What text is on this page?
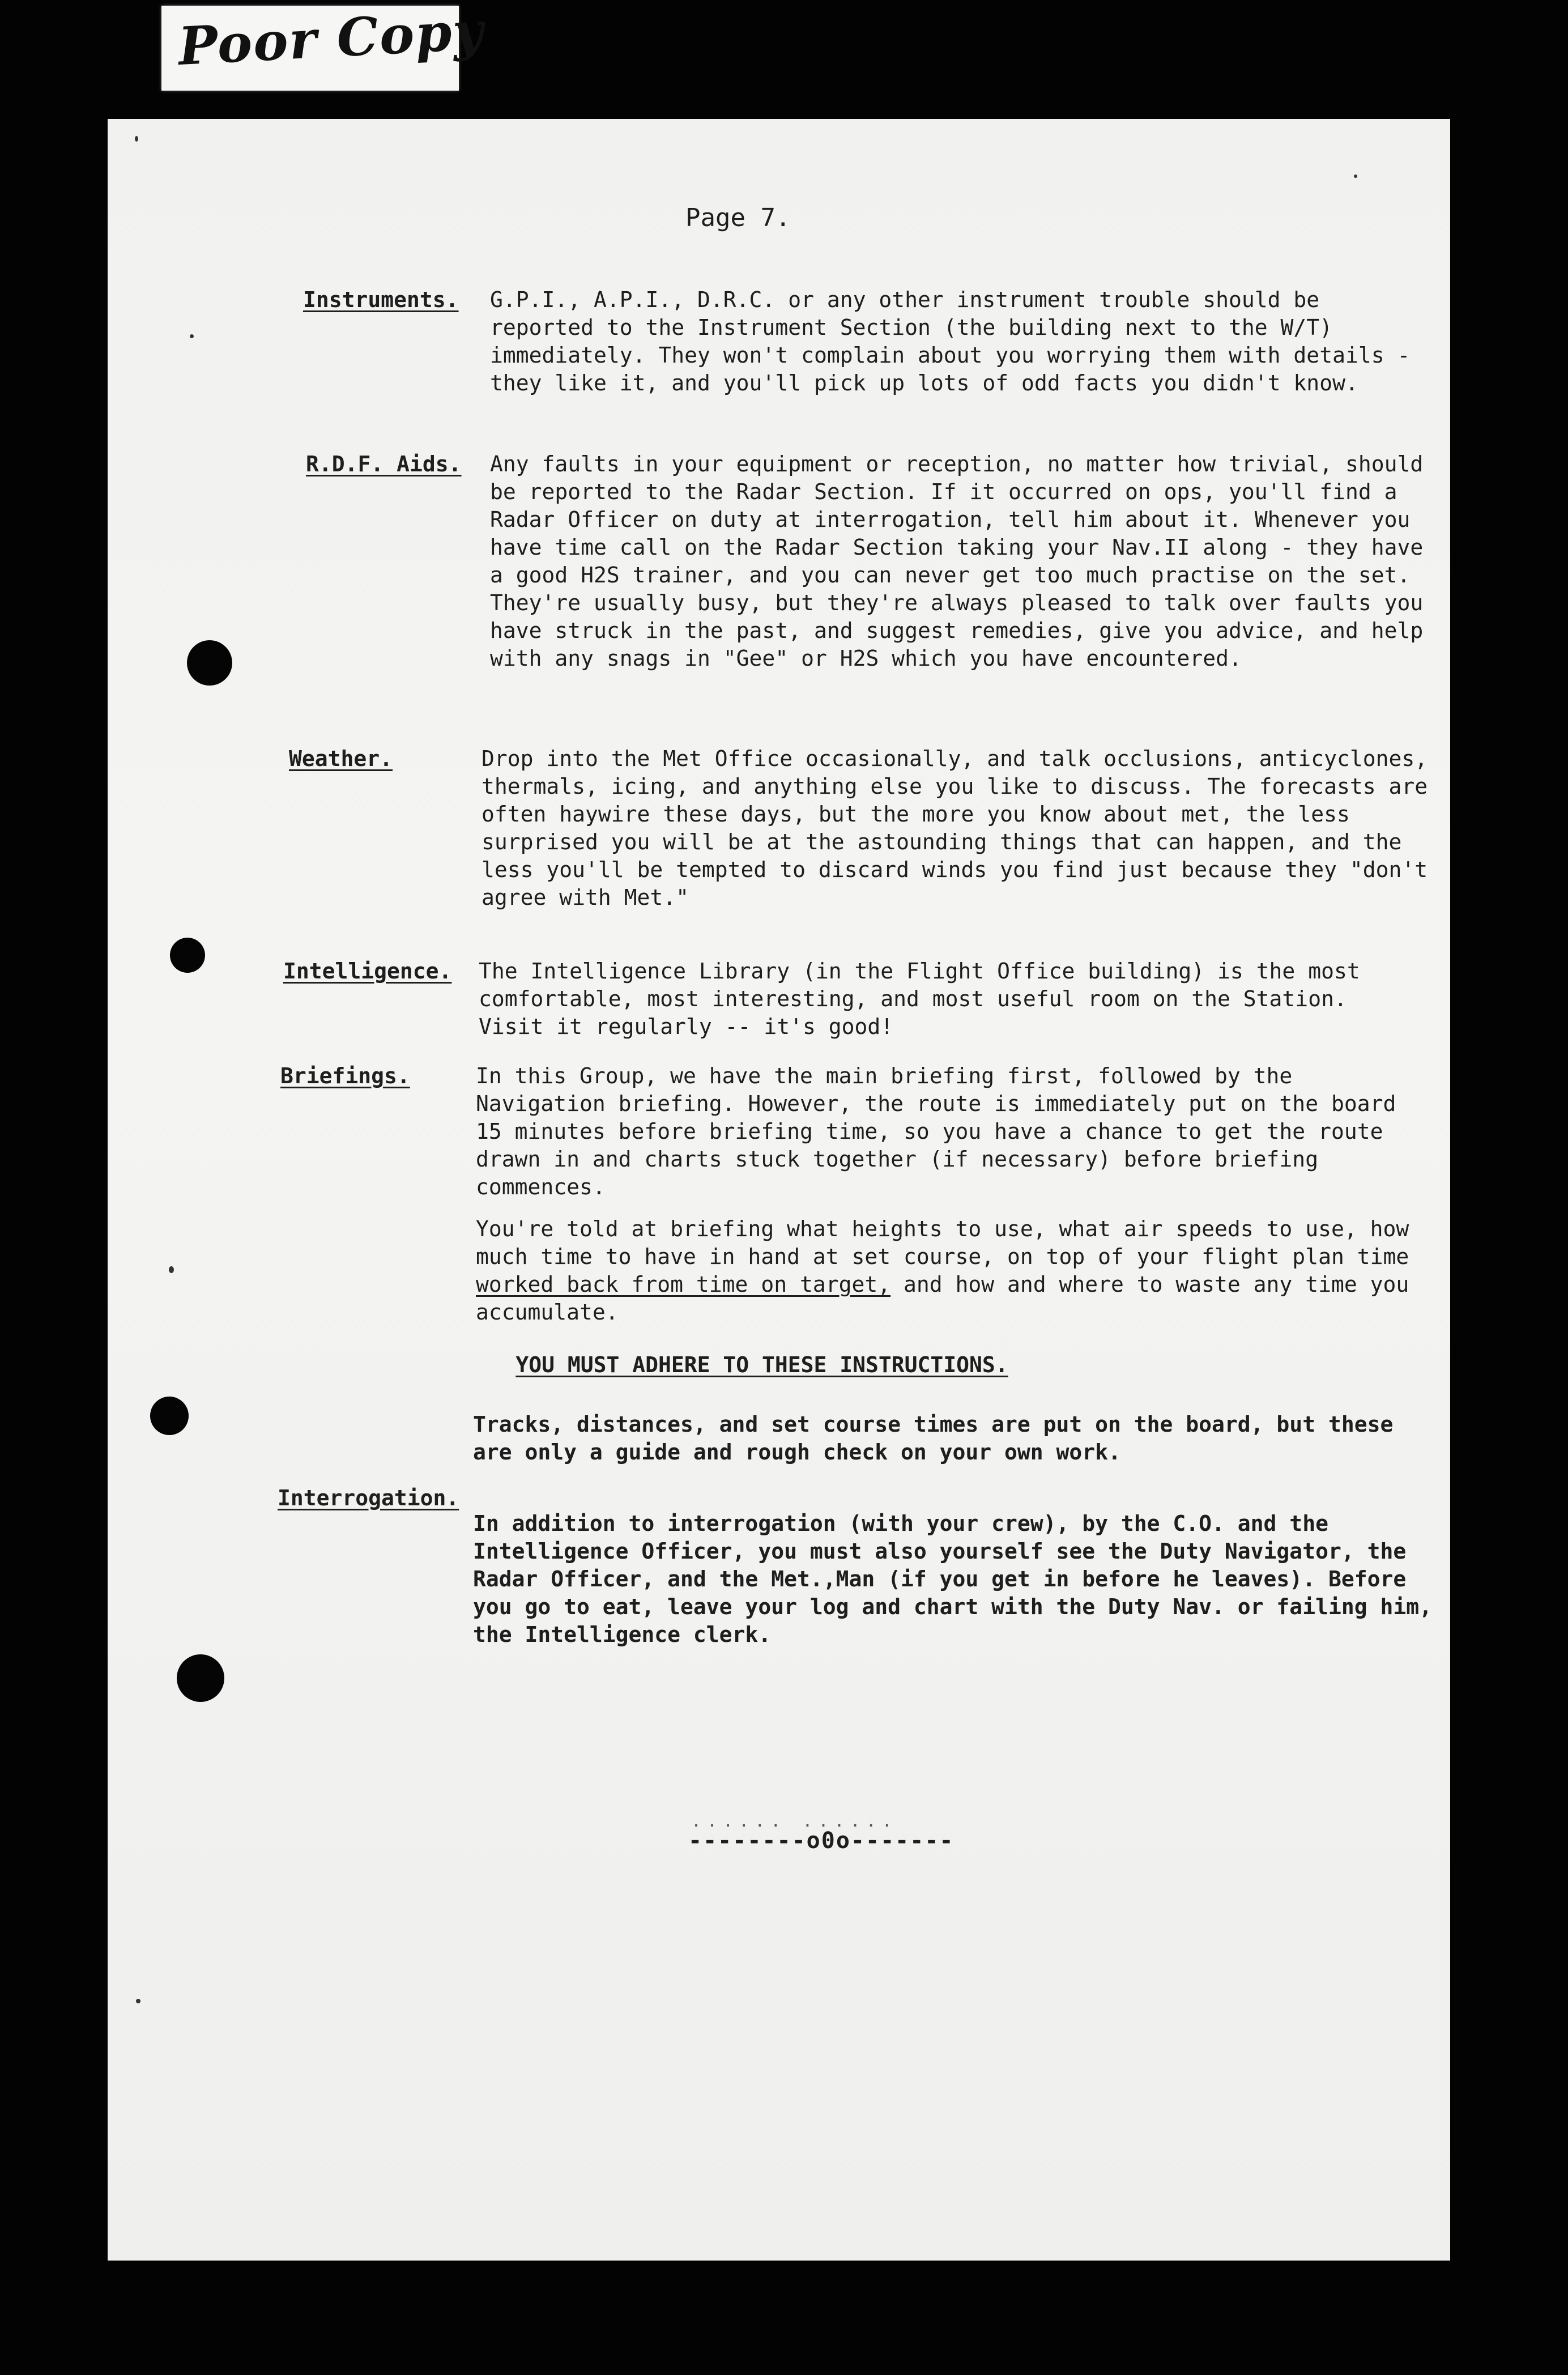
Poor Copy
Page 7.
Instruments. G.P.I., A.P.I., D.R.C. or any other instrument trouble should be reported to the Instrument Section (the building next to the W/T) immediately. They won't complain about you worrying them with details - they like it, and you'll pick up lots of odd facts you didn't know.

R.D.F. Aids. Any faults in your equipment or reception, no matter how trivial, should be reported to the Radar Section. If it occurred on ops, you'll find a Radar Officer on duty at interrogation, tell him about it. Whenever you have time call on the Radar Section taking your Nav.II along - they have a good H2S trainer, and you can never get too much practise on the set. They're usually busy, but they're always pleased to talk over faults you have struck in the past, and suggest remedies, give you advice, and help with any snags in "Gee" or H2S which you have encountered.

Weather.	Drop into the Met Office occasionally, and talk occlusions, anticyclones, thermals, icing, and anything else you like to discuss. The forecasts are often haywire these days, but the more you know about met, the less surprised you will be at the astounding things that can happen, and the less you'll be tempted to discard winds you find just because they "don't agree with Met."

Intelligence. The Intelligence Library (in the Flight Office building) is the most comfortable, most interesting, and most useful room on the Station. Visit it regularly -- it's good!

Briefings.	In this Group, we have the main briefing first, followed by the Navigation briefing. However, the route is immediately put on the board 15 minutes before briefing time, so you have a chance to get the route drawn in and charts stuck together (if necessary) before briefing commences.

You're told at briefing what heights to use, what air speeds to use, how much time to have in hand at set course, on top of your flight plan time worked back from time on target, and how and where to waste any time you accumulate.

YOU MUST ADHERE TO THESE INSTRUCTIONS.

Tracks, distances, and set course times are put on the board, but these are only a guide and rough check on your own work.

Interrogation.

In addition to interrogation (with your crew), by the C.O. and the Intelligence Officer, you must also yourself see the Duty Navigator, the Radar Officer, and the Met.,Man (if you get in before he leaves). Before you go to eat, leave your log and chart with the Duty Nav. or failing him, the Intelligence clerk.

...... ......
--------o0o-------
